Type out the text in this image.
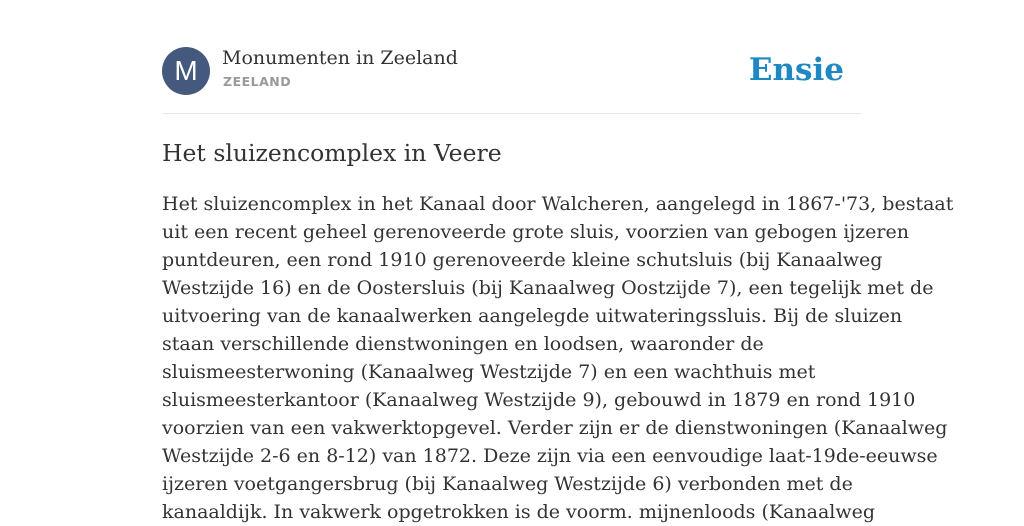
M	Monumenten in Zeeland
ZEELAND	Ensie
Het sluizencomplex in Veere
Het sluizencomplex in het Kanaal door Walcheren, aangelegd in 1867-'73, bestaat
uit een recent geheel gerenoveerde grote sluis, voorzien van gebogen ijzeren
puntdeuren, een rond 1910 gerenoveerde kleine schutsluis (bij Kanaalweg
Westzijde 16) en de Oostersluis (bij Kanaalweg Oostzijde 7), een tegelijk met de
uitvoering van de kanaalwerken aangelegde uitwateringssluis. Bij de sluizen
staan verschillende dienstwoningen en loodsen, waaronder de
sluismeesterwoning (Kanaalweg Westzijde 7) en een wachthuis met
sluismeesterkantoor (Kanaalweg Westzijde 9), gebouwd in 1879 en rond 1910
voorzien van een vakwerktopgevel. Verder zijn er de dienstwoningen (Kanaalweg
Westzijde 2-6 en 8-12) van 1872. Deze zijn via een eenvoudige laat-19de-eeuwse
ijzeren voetgangersbrug (bij Kanaalweg Westzijde 6) verbonden met de
kanaaldijk. In vakwerk opgetrokken is de voorm. mijnenloods (Kanaalweg
